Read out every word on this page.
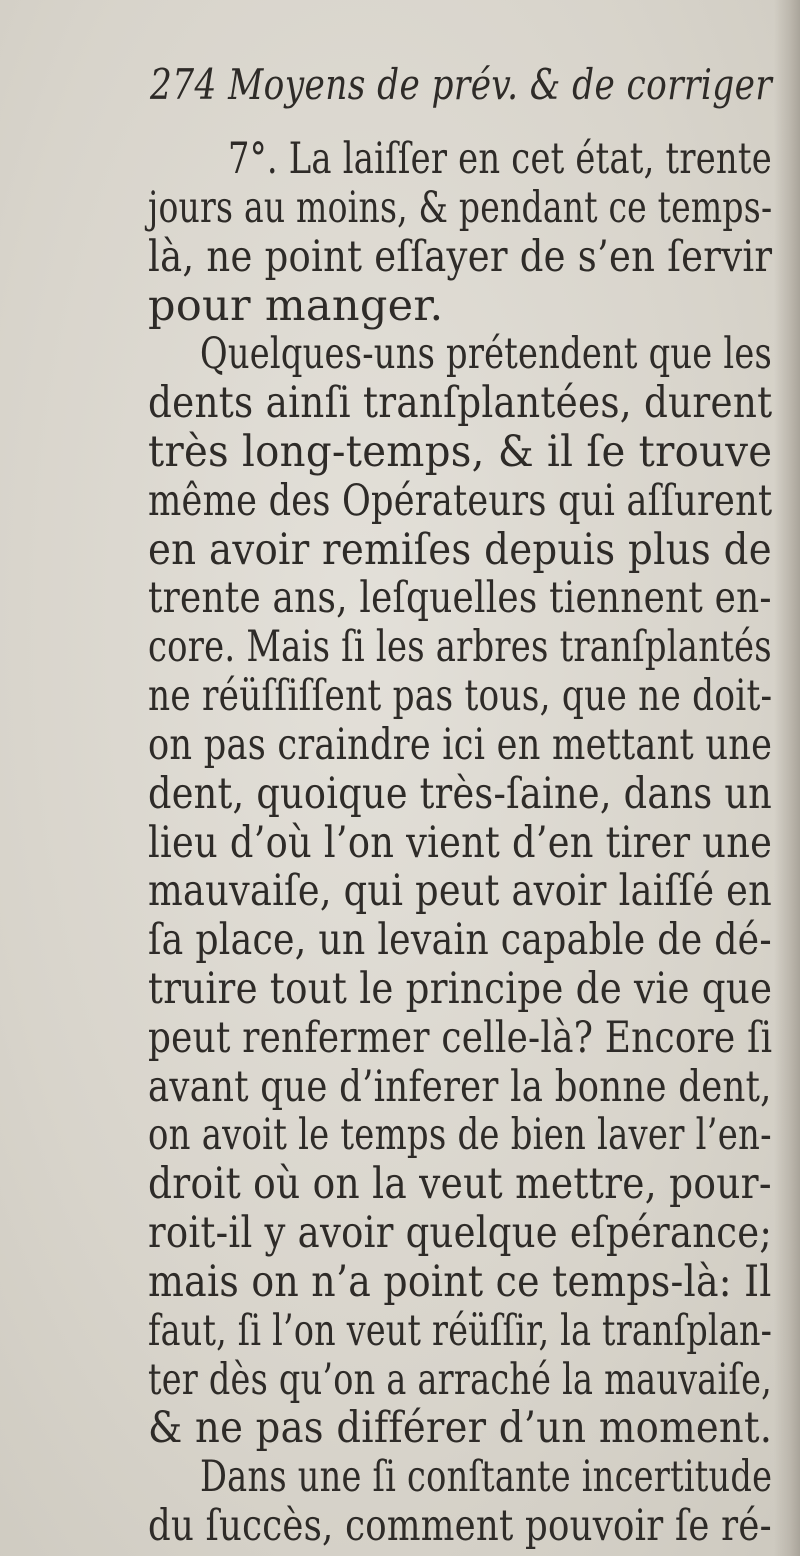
274 Moyens de prév. & de corriger
7°. La laiſſer en cet état, trente
jours au moins, & pendant ce temps-
là, ne point eſſayer de s’en ſervir
pour manger.
Quelques-uns prétendent que les
dents ainſi tranſplantées, durent
très long-temps, & il ſe trouve
même des Opérateurs qui aſſurent
en avoir remiſes depuis plus de
trente ans, leſquelles tiennent en-
core. Mais ſi les arbres tranſplantés
ne réüſſiſſent pas tous, que ne doit-
on pas craindre ici en mettant une
dent, quoique très-ſaine, dans un
lieu d’où l’on vient d’en tirer une
mauvaiſe, qui peut avoir laiſſé en
ſa place, un levain capable de dé-
truire tout le principe de vie que
peut renfermer celle-là? Encore ſi
avant que d’inferer la bonne dent,
on avoit le temps de bien laver l’en-
droit où on la veut mettre, pour-
roit-il y avoir quelque eſpérance;
mais on n’a point ce temps-là: Il
faut, ſi l’on veut réüſſir, la tranſplan-
ter dès qu’on a arraché la mauvaiſe,
& ne pas différer d’un moment.
Dans une ſi conſtante incertitude
du ſuccès, comment pouvoir ſe ré-
